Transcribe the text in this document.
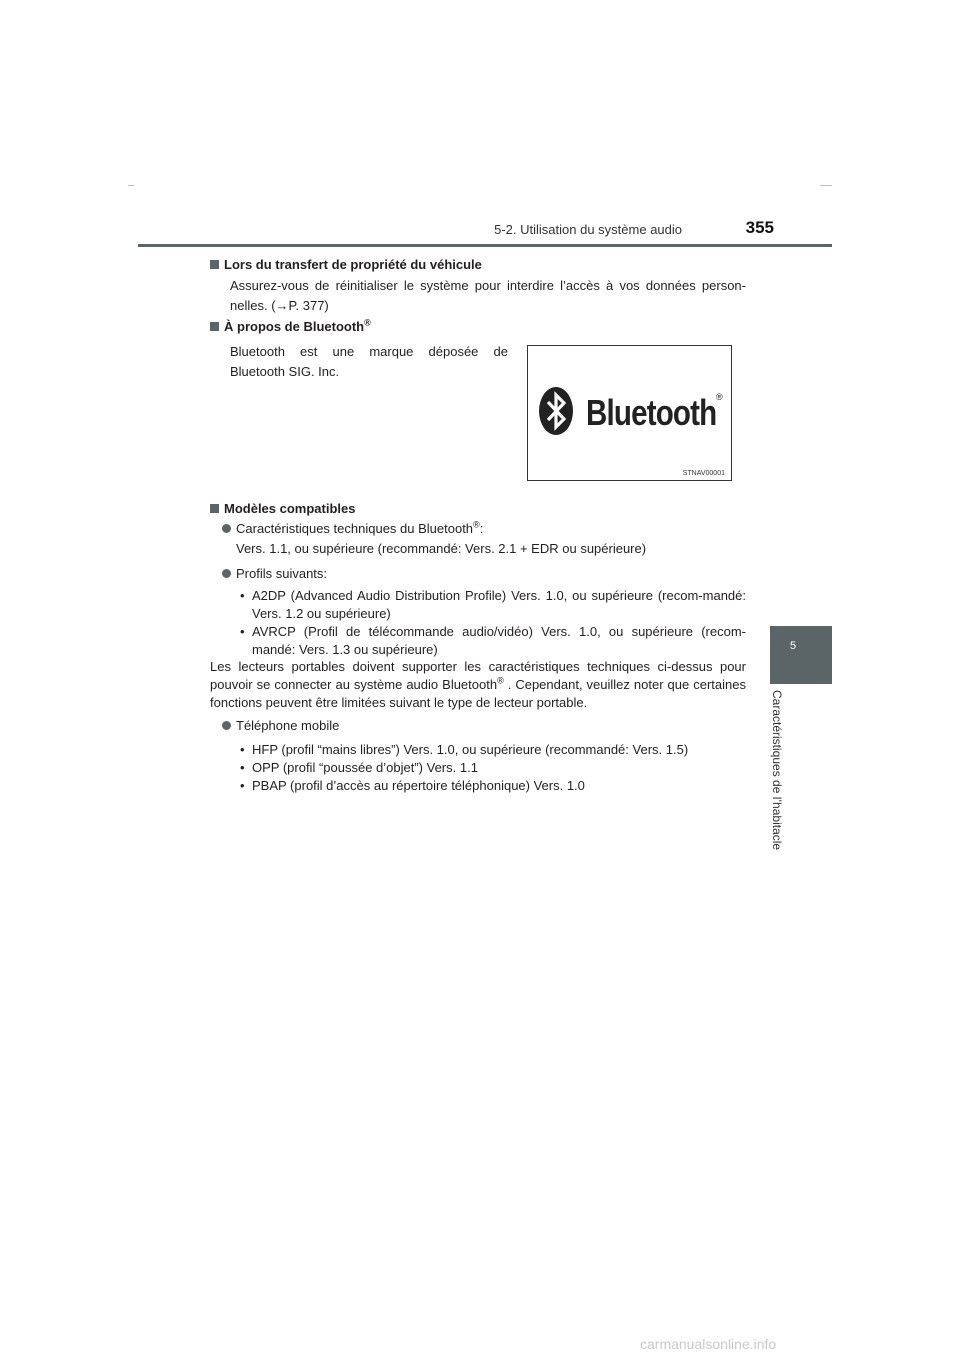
5-2. Utilisation du système audio	355
5
Caractéristiques de l’habitacle
Lors du transfert de propriété du véhicule
Assurez-vous de réinitialiser le système pour interdire l’accès à vos données person-nelles. (→P. 377)
À propos de Bluetooth®
Bluetooth est une marque déposée de Bluetooth SIG. Inc.
Modèles compatibles
Caractéristiques techniques du Bluetooth®:
Vers. 1.1, ou supérieure (recommandé: Vers. 2.1 + EDR ou supérieure)
Profils suivants:
• A2DP (Advanced Audio Distribution Profile) Vers. 1.0, ou supérieure (recom-mandé: Vers. 1.2 ou supérieure)
• AVRCP (Profil de télécommande audio/vidéo) Vers. 1.0, ou supérieure (recom-mandé: Vers. 1.3 ou supérieure)
Les lecteurs portables doivent supporter les caractéristiques techniques ci-dessus pour pouvoir se connecter au système audio Bluetooth® . Cependant, veuillez noter que certaines fonctions peuvent être limitées suivant le type de lecteur portable.
Téléphone mobile
• HFP (profil “mains libres”) Vers. 1.0, ou supérieure (recommandé: Vers. 1.5)
• OPP (profil “poussée d’objet”) Vers. 1.1
• PBAP (profil d’accès au répertoire téléphonique) Vers. 1.0
Bluetooth ®
STNAV00001
carmanualsonline.info
